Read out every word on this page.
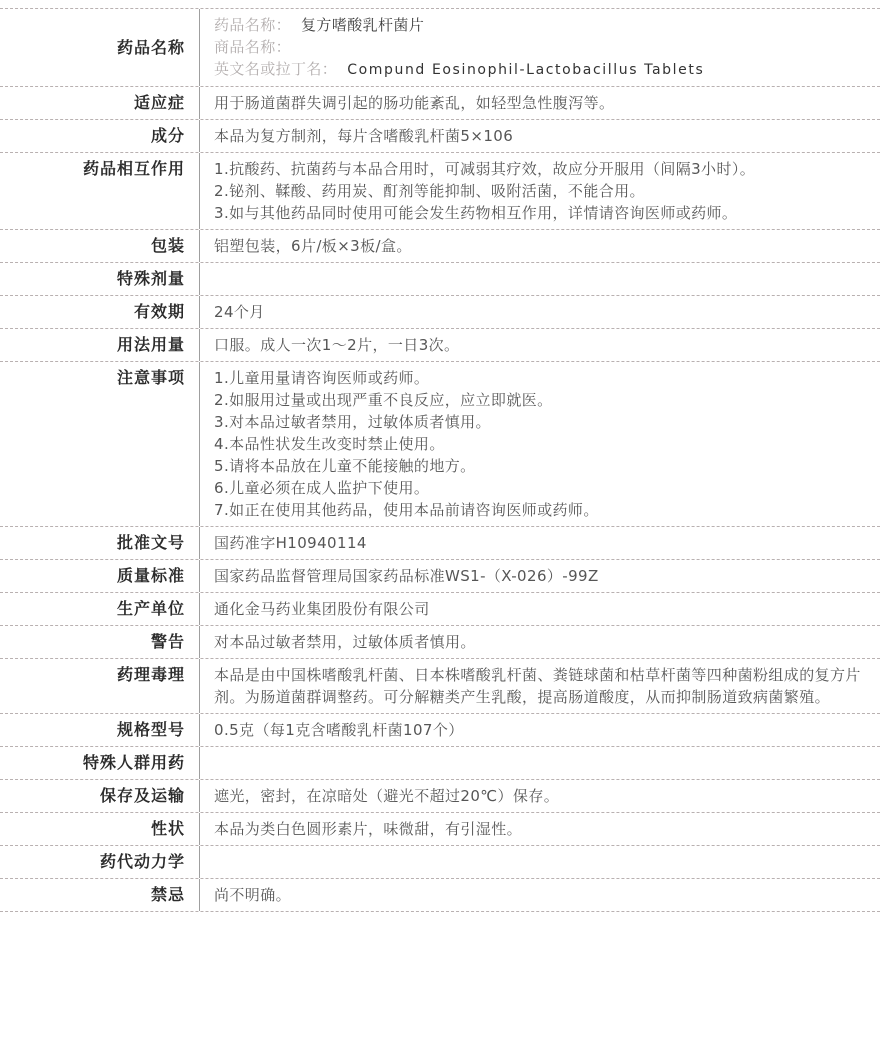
药品名称
药品名称： 复方嗜酸乳杆菌片
商品名称：
英文名或拉丁名： Compund Eosinophil-Lactobacillus Tablets
适应症	用于肠道菌群失调引起的肠功能紊乱，如轻型急性腹泻等。
成分	本品为复方制剂，每片含嗜酸乳杆菌5×106
药品相互作用	1.抗酸药、抗菌药与本品合用时，可减弱其疗效，故应分开服用（间隔3小时）。
2.铋剂、鞣酸、药用炭、酊剂等能抑制、吸附活菌，不能合用。
3.如与其他药品同时使用可能会发生药物相互作用，详情请咨询医师或药师。
包装	铝塑包装，6片/板×3板/盒。
特殊剂量
有效期	24个月
用法用量	口服。成人一次1～2片，一日3次。
注意事项	1.儿童用量请咨询医师或药师。
2.如服用过量或出现严重不良反应，应立即就医。
3.对本品过敏者禁用，过敏体质者慎用。
4.本品性状发生改变时禁止使用。
5.请将本品放在儿童不能接触的地方。
6.儿童必须在成人监护下使用。
7.如正在使用其他药品，使用本品前请咨询医师或药师。
批准文号	国药准字H10940114
质量标准	国家药品监督管理局国家药品标准WS1-（X-026）-99Z
生产单位	通化金马药业集团股份有限公司
警告	对本品过敏者禁用，过敏体质者慎用。
药理毒理	本品是由中国株嗜酸乳杆菌、日本株嗜酸乳杆菌、粪链球菌和枯草杆菌等四种菌粉组成的复方片剂。为肠道菌群调整药。可分解糖类产生乳酸，提高肠道酸度，从而抑制肠道致病菌繁殖。
规格型号	0.5克（每1克含嗜酸乳杆菌107个）
特殊人群用药
保存及运输	遮光，密封，在凉暗处（避光不超过20℃）保存。
性状	本品为类白色圆形素片，味微甜，有引湿性。
药代动力学
禁忌	尚不明确。
